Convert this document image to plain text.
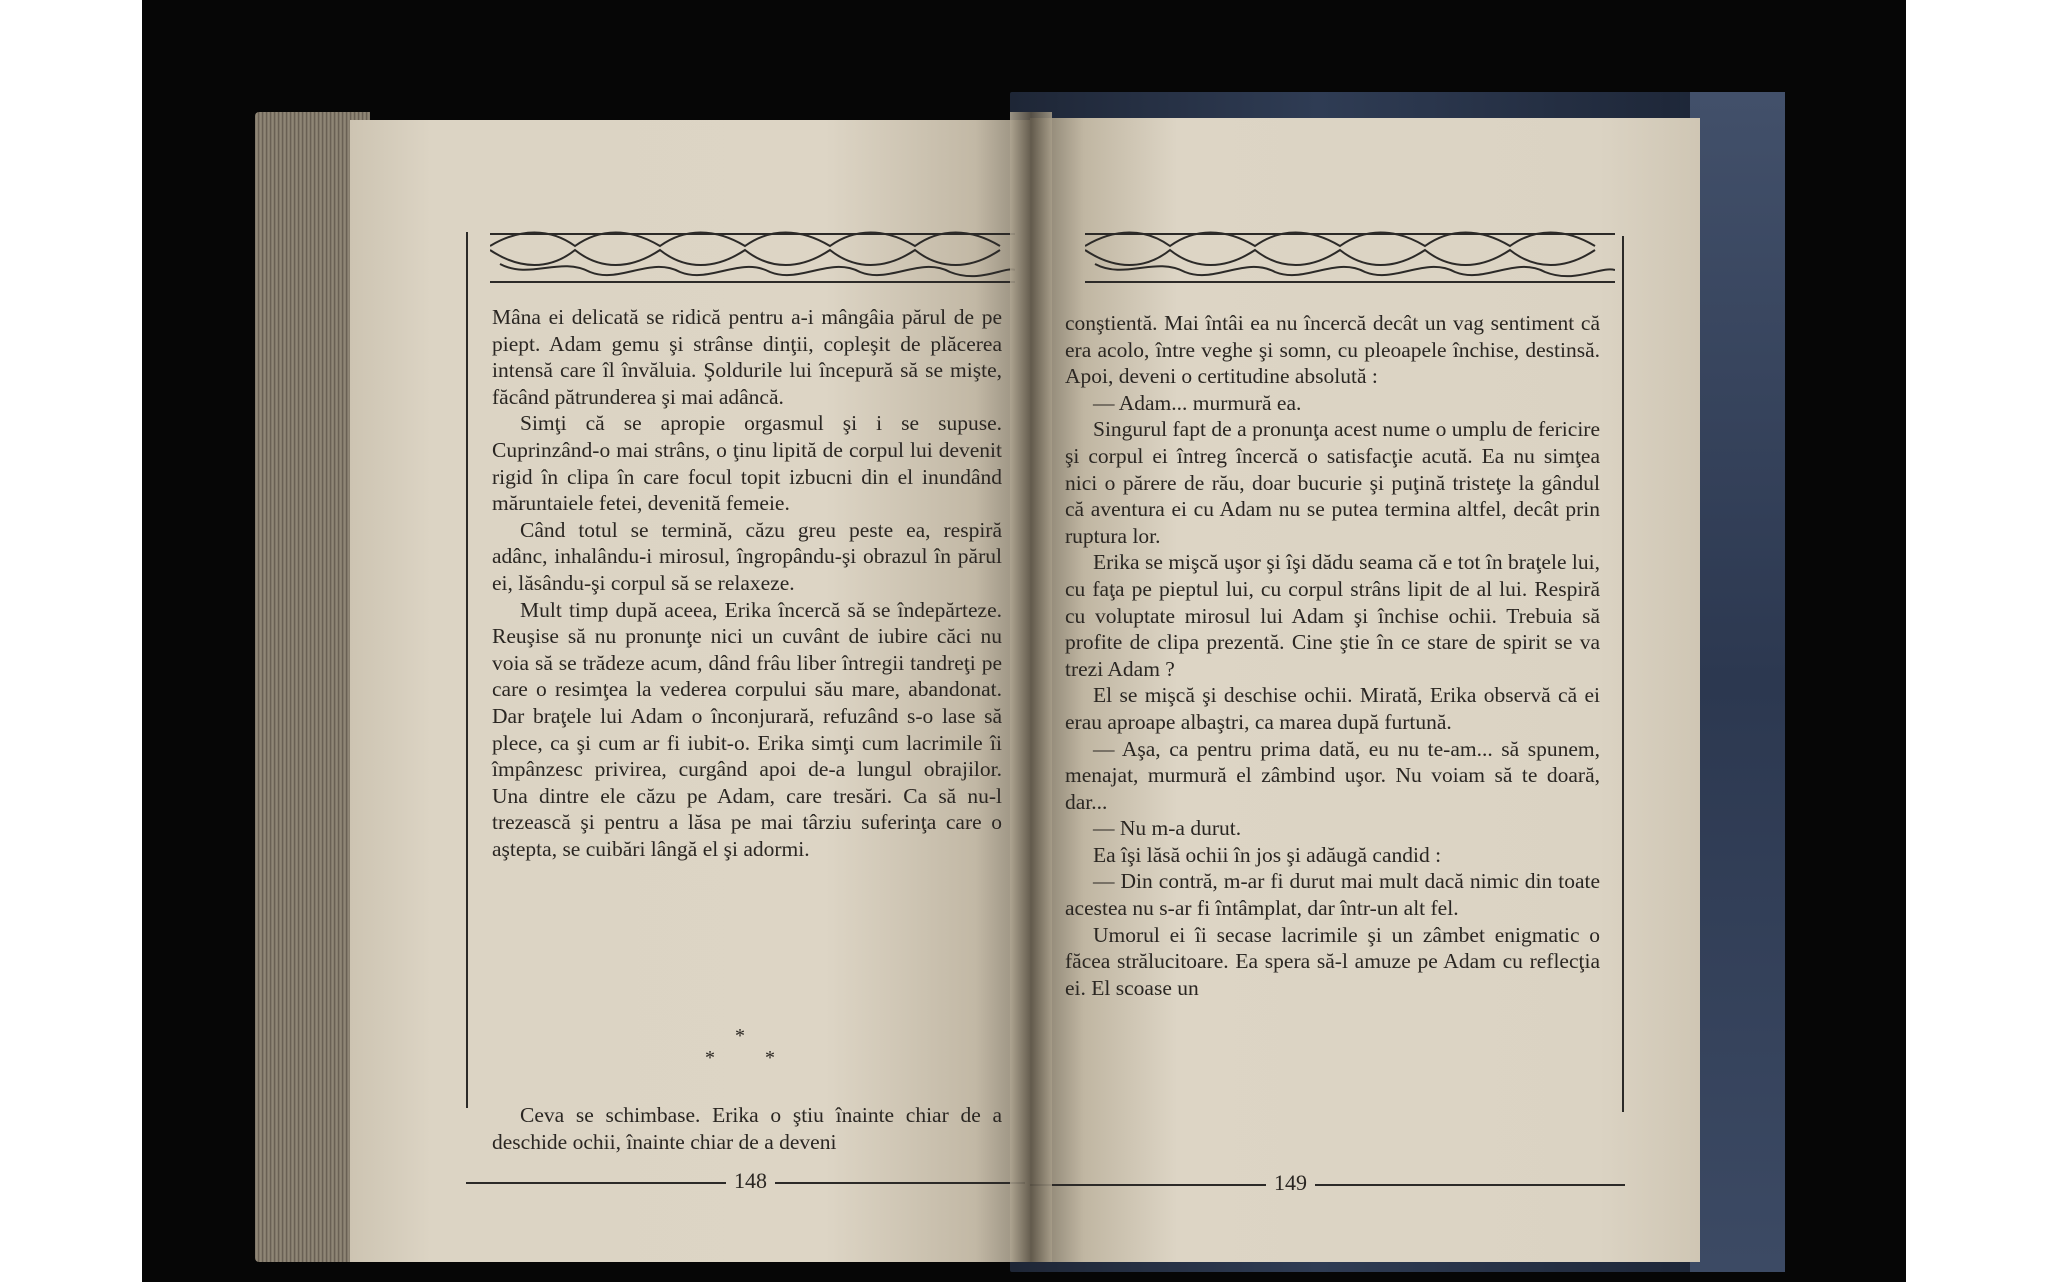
Mâna ei delicată se ridică pentru a-i mângâia părul de pe piept. Adam gemu şi strânse dinţii, copleşit de plăcerea intensă care îl învăluia. Şoldurile lui începură să se mişte, făcând pătrunderea şi mai adâncă.

Simţi că se apropie orgasmul şi i se supuse. Cuprinzând-o mai strâns, o ţinu lipită de corpul lui devenit rigid în clipa în care focul topit izbucni din el inundând măruntaiele fetei, devenită femeie.

Când totul se termină, căzu greu peste ea, respiră adânc, inhalându-i mirosul, îngropându-şi obrazul în părul ei, lăsându-şi corpul să se relaxeze.

Mult timp după aceea, Erika încercă să se îndepărteze. Reuşise să nu pronunţe nici un cuvânt de iubire căci nu voia să se trădeze acum, dând frâu liber întregii tandreţi pe care o resimţea la vederea corpului său mare, abandonat. Dar braţele lui Adam o înconjurară, refuzând s-o lase să plece, ca şi cum ar fi iubit-o. Erika simţi cum lacrimile îi împânzesc privirea, curgând apoi de-a lungul obrajilor. Una dintre ele căzu pe Adam, care tresări. Ca să nu-l trezească şi pentru a lăsa pe mai târziu suferinţa care o aştepta, se cuibări lângă el şi adormi.

*
*	*

Ceva se schimbase. Erika o ştiu înainte chiar de a deschide ochii, înainte chiar de a deveni

148

conştientă. Mai întâi ea nu încercă decât un vag sentiment că era acolo, între veghe şi somn, cu pleoapele închise, destinsă. Apoi, deveni o certitudine absolută :

— Adam... murmură ea.

Singurul fapt de a pronunţa acest nume o umplu de fericire şi corpul ei întreg încercă o satisfacţie acută. Ea nu simţea nici o părere de rău, doar bucurie şi puţină tristeţe la gândul că aventura ei cu Adam nu se putea termina altfel, decât prin ruptura lor.

Erika se mişcă uşor şi îşi dădu seama că e tot în braţele lui, cu faţa pe pieptul lui, cu corpul strâns lipit de al lui. Respiră cu voluptate mirosul lui Adam şi închise ochii. Trebuia să profite de clipa prezentă. Cine ştie în ce stare de spirit se va trezi Adam ?

El se mişcă şi deschise ochii. Mirată, Erika observă că ei erau aproape albaştri, ca marea după furtună.

— Aşa, ca pentru prima dată, eu nu te-am... să spunem, menajat, murmură el zâmbind uşor. Nu voiam să te doară, dar...

— Nu m-a durut.

Ea îşi lăsă ochii în jos şi adăugă candid :

— Din contră, m-ar fi durut mai mult dacă nimic din toate acestea nu s-ar fi întâmplat, dar într-un alt fel.

Umorul ei îi secase lacrimile şi un zâmbet enigmatic o făcea strălucitoare. Ea spera să-l amuze pe Adam cu reflecţia ei. El scoase un

149
